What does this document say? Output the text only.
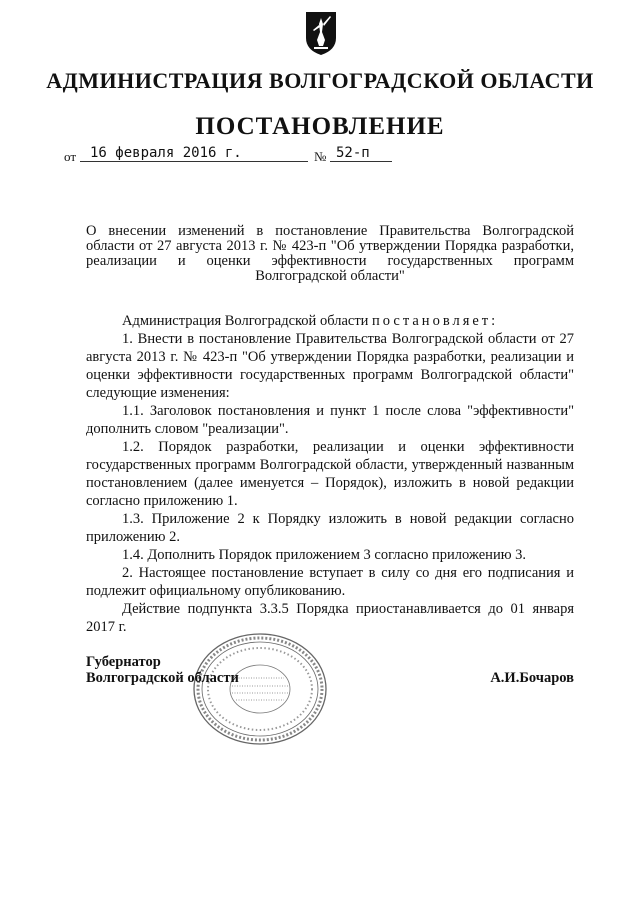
АДМИНИСТРАЦИЯ ВОЛГОГРАДСКОЙ ОБЛАСТИ
ПОСТАНОВЛЕНИЕ
от 16 февраля 2016 г.	№ 52-п
О внесении изменений в постановление Правительства Волгоградской области от 27 августа 2013 г. № 423-п "Об утверждении Порядка разработки, реализации и оценки эффективности государственных программ Волгоградской области"

Администрация Волгоградской области постановляет:

1. Внести в постановление Правительства Волгоградской области от 27 августа 2013 г. № 423-п "Об утверждении Порядка разработки, реализации и оценки эффективности государственных программ Волгоградской области" следующие изменения:

1.1. Заголовок постановления и пункт 1 после слова "эффективности" дополнить словом "реализации".

1.2. Порядок разработки, реализации и оценки эффективности государственных программ Волгоградской области, утвержденный названным постановлением (далее именуется – Порядок), изложить в новой редакции согласно приложению 1.

1.3. Приложение 2 к Порядку изложить в новой редакции согласно приложению 2.

1.4. Дополнить Порядок приложением 3 согласно приложению 3.

2. Настоящее постановление вступает в силу со дня его подписания и подлежит официальному опубликованию.

Действие подпункта 3.3.5 Порядка приостанавливается до 01 января 2017 г.

Губернатор
Волгоградской области	А.И.Бочаров
